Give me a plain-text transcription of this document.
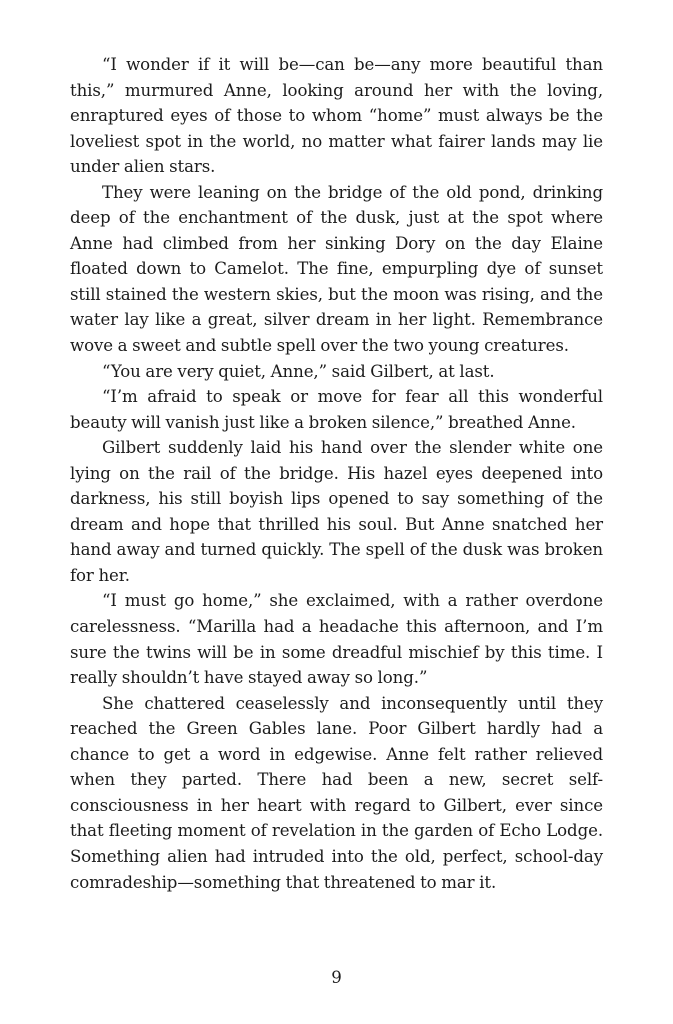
“I wonder if it will be—can be—any more beautiful than this,” murmured Anne, looking around her with the loving, enraptured eyes of those to whom “home” must always be the loveliest spot in the world, no matter what fairer lands may lie under alien stars.

They were leaning on the bridge of the old pond, drinking deep of the enchantment of the dusk, just at the spot where Anne had climbed from her sinking Dory on the day Elaine floated down to Camelot. The fine, empurpling dye of sunset still stained the western skies, but the moon was rising, and the water lay like a great, silver dream in her light. Remembrance wove a sweet and subtle spell over the two young creatures.

“You are very quiet, Anne,” said Gilbert, at last.

“I’m afraid to speak or move for fear all this wonderful beauty will vanish just like a broken silence,” breathed Anne.

Gilbert suddenly laid his hand over the slender white one lying on the rail of the bridge. His hazel eyes deepened into darkness, his still boyish lips opened to say something of the dream and hope that thrilled his soul. But Anne snatched her hand away and turned quickly. The spell of the dusk was broken for her.

“I must go home,” she exclaimed, with a rather overdone carelessness. “Marilla had a headache this afternoon, and I’m sure the twins will be in some dreadful mischief by this time. I really shouldn’t have stayed away so long.”

She chattered ceaselessly and inconsequently until they reached the Green Gables lane. Poor Gilbert hardly had a chance to get a word in edgewise. Anne felt rather relieved when they parted. There had been a new, secret self-consciousness in her heart with regard to Gilbert, ever since that fleeting moment of revelation in the garden of Echo Lodge. Something alien had intruded into the old, perfect, school-day comradeship—something that threatened to mar it.

9
